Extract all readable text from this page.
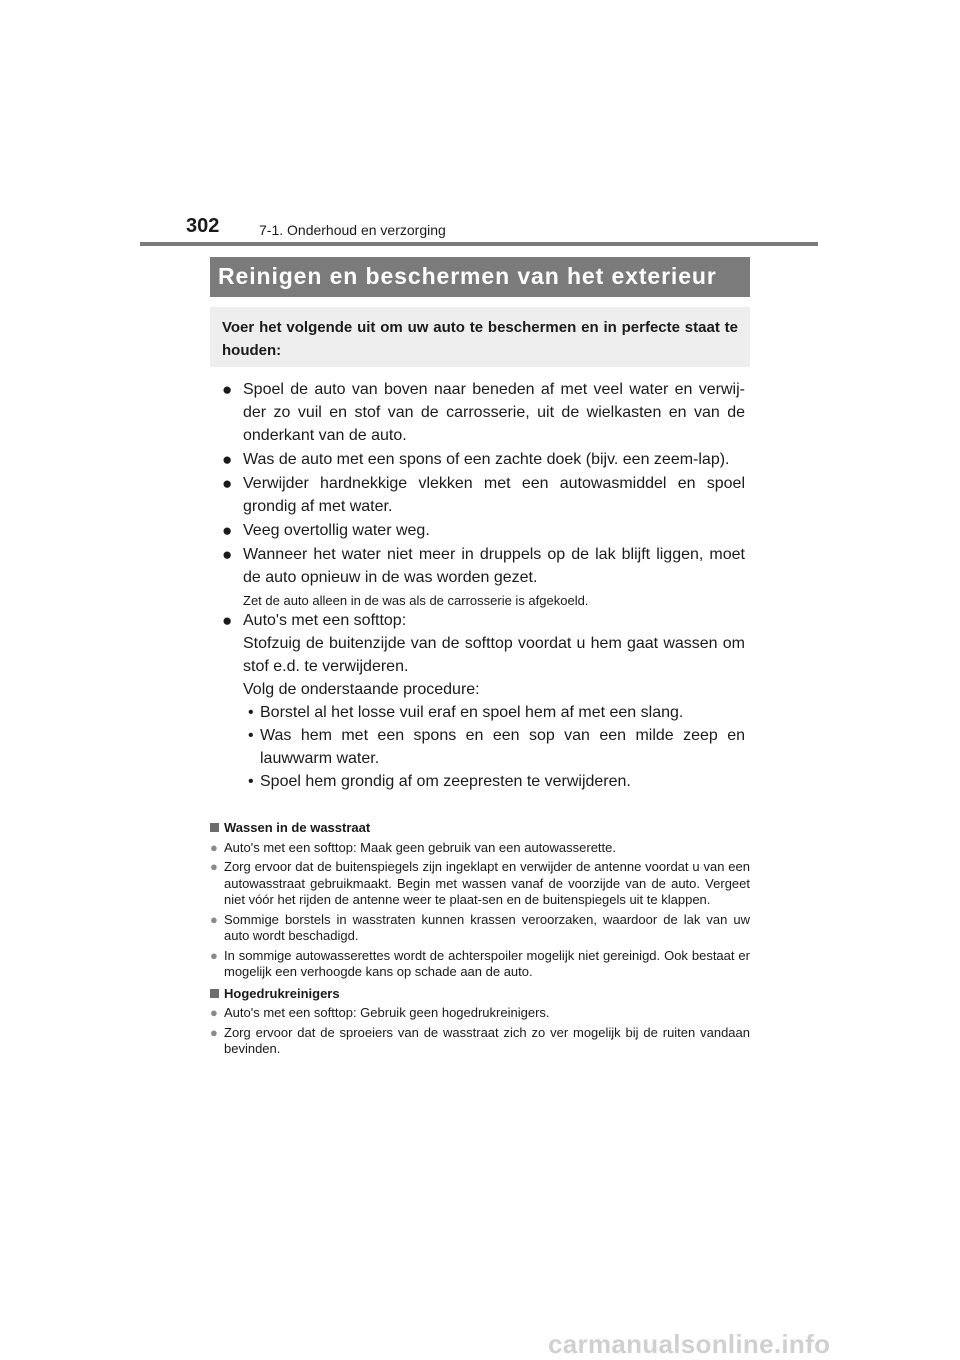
302	7-1. Onderhoud en verzorging
Reinigen en beschermen van het exterieur
Voer het volgende uit om uw auto te beschermen en in perfecte staat te houden:
● Spoel de auto van boven naar beneden af met veel water en verwij-der zo vuil en stof van de carrosserie, uit de wielkasten en van de onderkant van de auto.

● Was de auto met een spons of een zachte doek (bijv. een zeem-lap).

● Verwijder hardnekkige vlekken met een autowasmiddel en spoel grondig af met water.

● Veeg overtollig water weg.

● Wanneer het water niet meer in druppels op de lak blijft liggen, moet de auto opnieuw in de was worden gezet.

Zet de auto alleen in de was als de carrosserie is afgekoeld.

● Auto's met een softtop:

Stofzuig de buitenzijde van de softtop voordat u hem gaat wassen om stof e.d. te verwijderen.

Volg de onderstaande procedure:

• Borstel al het losse vuil eraf en spoel hem af met een slang.
• Was hem met een spons en een sop van een milde zeep en lauwwarm water.
• Spoel hem grondig af om zeepresten te verwijderen.
Wassen in de wasstraat
● Auto's met een softtop: Maak geen gebruik van een autowasserette.
● Zorg ervoor dat de buitenspiegels zijn ingeklapt en verwijder de antenne voordat u van een autowasstraat gebruikmaakt. Begin met wassen vanaf de voorzijde van de auto. Vergeet niet vóór het rijden de antenne weer te plaat-sen en de buitenspiegels uit te klappen.
● Sommige borstels in wasstraten kunnen krassen veroorzaken, waardoor de lak van uw auto wordt beschadigd.
● In sommige autowasserettes wordt de achterspoiler mogelijk niet gereinigd. Ook bestaat er mogelijk een verhoogde kans op schade aan de auto.
Hogedrukreinigers
● Auto's met een softtop: Gebruik geen hogedrukreinigers.
● Zorg ervoor dat de sproeiers van de wasstraat zich zo ver mogelijk bij de ruiten vandaan bevinden.
carmanualsonline.info
